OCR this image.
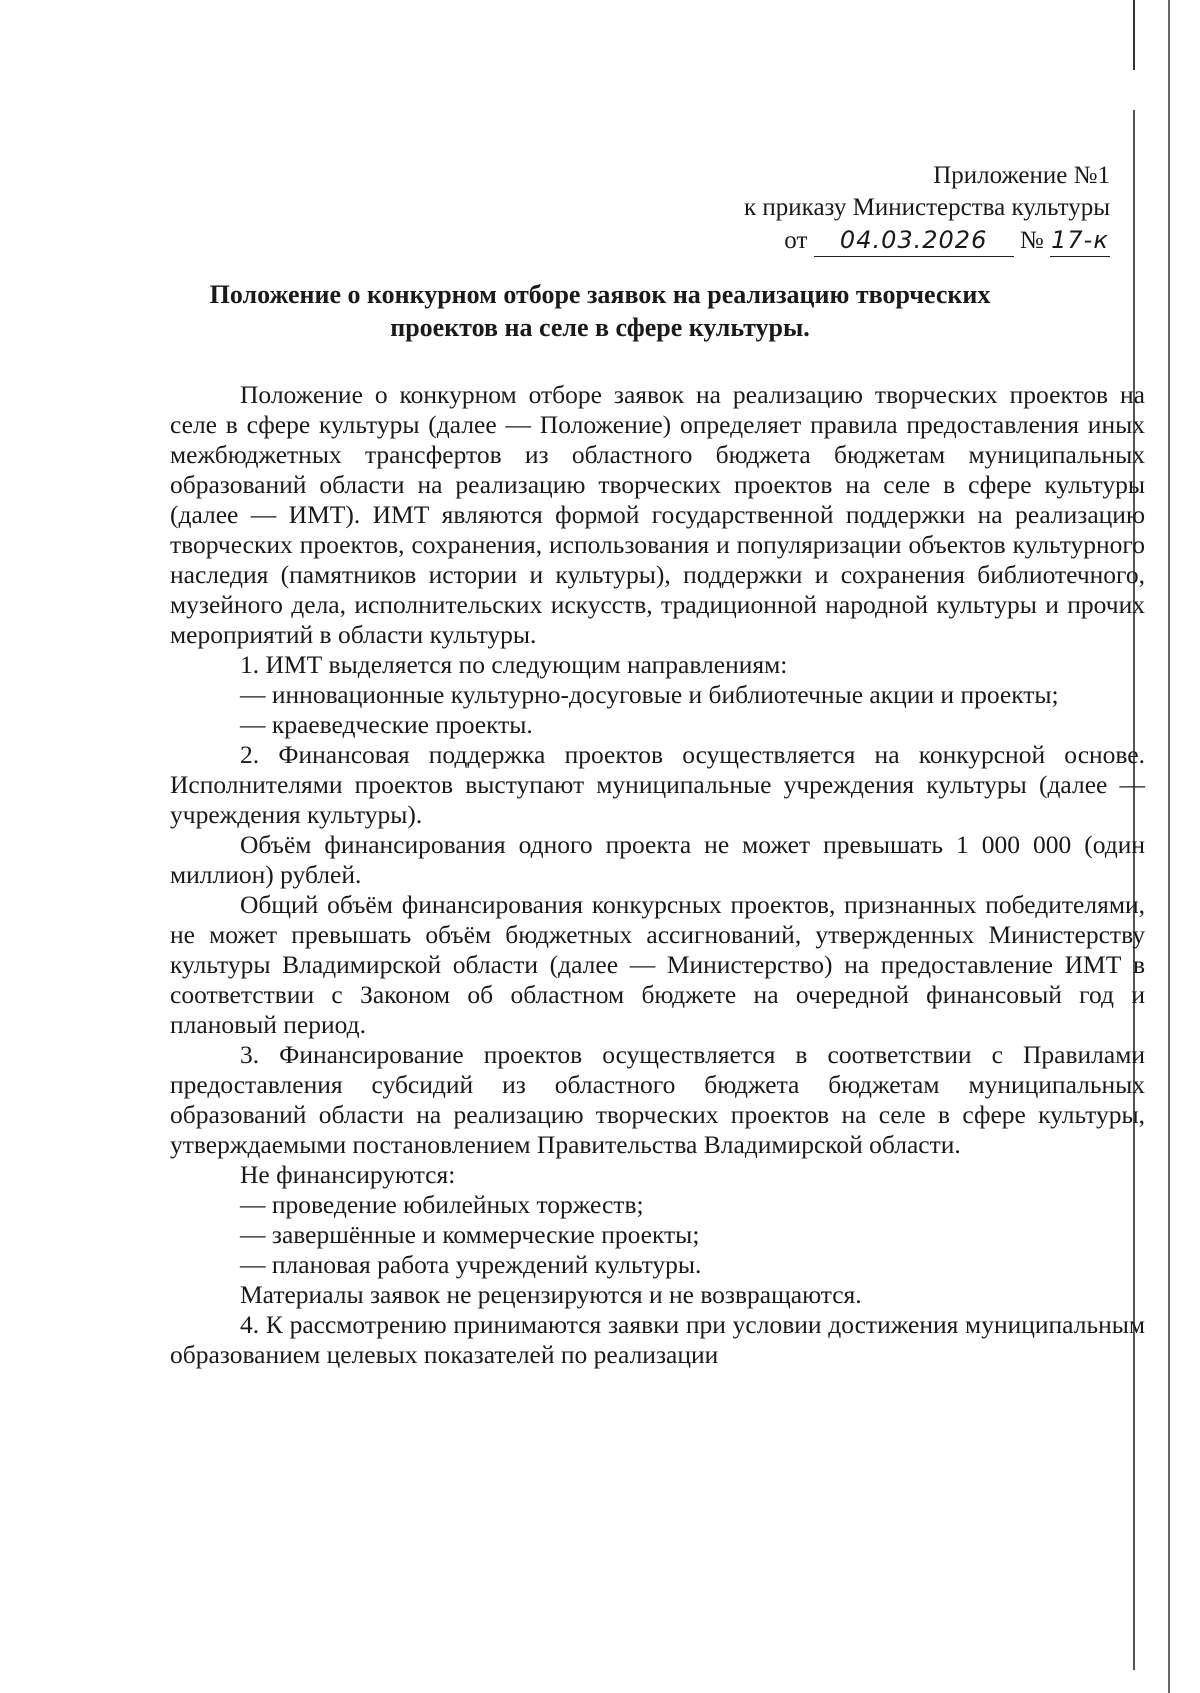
Приложение №1
к приказу Министерства культуры
от 04.03.2026 № 17-к
Положение о конкурном отборе заявок на реализацию творческих
проектов на селе в сфере культуры.

Положение о конкурном отборе заявок на реализацию творческих проектов на селе в сфере культуры (далее — Положение) определяет правила предоставления иных межбюджетных трансфертов из областного бюджета бюджетам муниципальных образований области на реализацию творческих проектов на селе в сфере культуры (далее — ИМТ). ИМТ являются формой государственной поддержки на реализацию творческих проектов, сохранения, использования и популяризации объектов культурного наследия (памятников истории и культуры), поддержки и сохранения библиотечного, музейного дела, исполнительских искусств, традиционной народной культуры и прочих мероприятий в области культуры.

1. ИМТ выделяется по следующим направлениям:

— инновационные культурно-досуговые и библиотечные акции и проекты;

— краеведческие проекты.

2. Финансовая поддержка проектов осуществляется на конкурсной основе. Исполнителями проектов выступают муниципальные учреждения культуры (далее — учреждения культуры).

Объём финансирования одного проекта не может превышать 1 000 000 (один миллион) рублей.

Общий объём финансирования конкурсных проектов, признанных победителями, не может превышать объём бюджетных ассигнований, утвержденных Министерству культуры Владимирской области (далее — Министерство) на предоставление ИМТ в соответствии с Законом об областном бюджете на очередной финансовый год и плановый период.

3. Финансирование проектов осуществляется в соответствии с Правилами предоставления субсидий из областного бюджета бюджетам муниципальных образований области на реализацию творческих проектов на селе в сфере культуры, утверждаемыми постановлением Правительства Владимирской области.

Не финансируются:

— проведение юбилейных торжеств;

— завершённые и коммерческие проекты;

— плановая работа учреждений культуры.

Материалы заявок не рецензируются и не возвращаются.

4. К рассмотрению принимаются заявки при условии достижения муниципальным образованием целевых показателей по реализации
